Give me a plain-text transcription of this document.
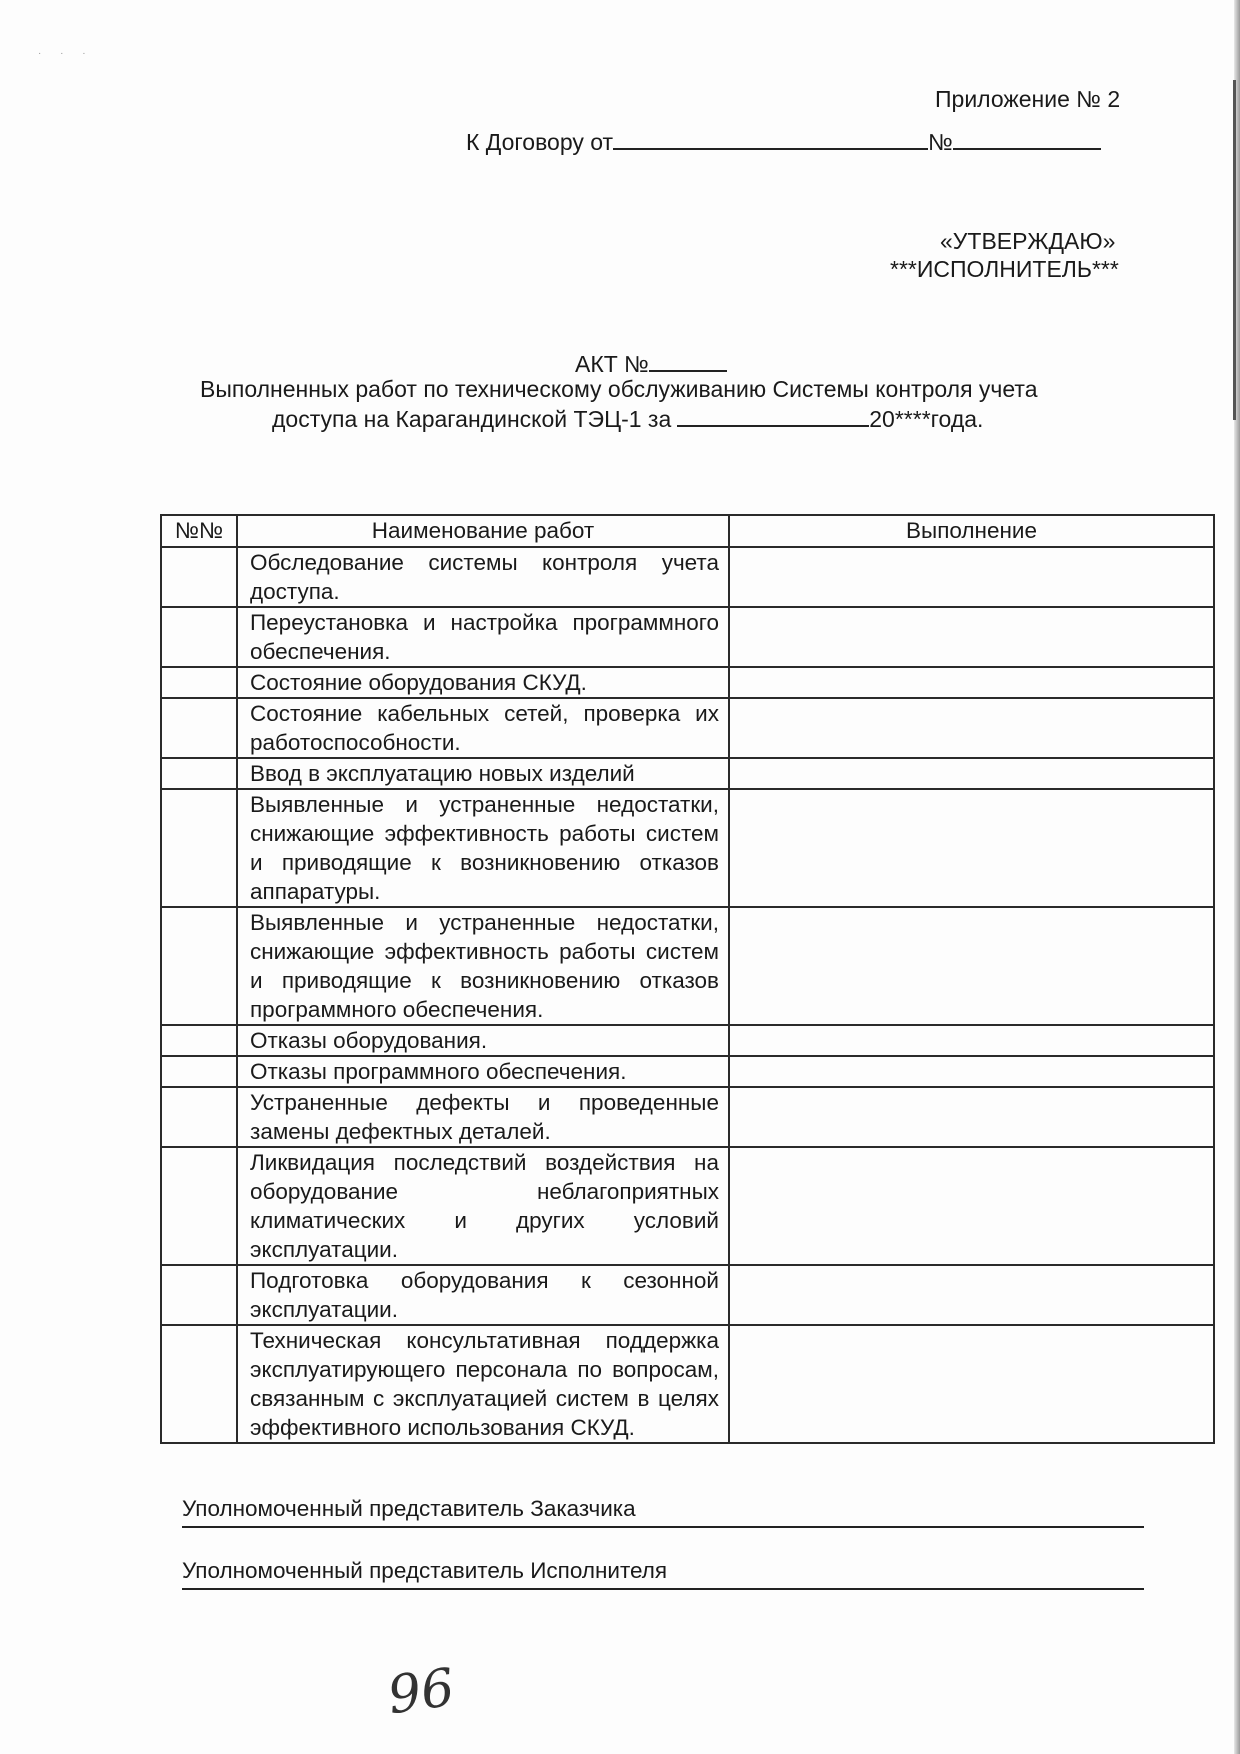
· · ·
Приложение № 2
К Договору от	№
«УТВЕРЖДАЮ»
***ИСПОЛНИТЕЛЬ***
АКТ №
Выполненных работ по техническому обслуживанию Системы контроля учета
доступа на Карагандинской ТЭЦ-1 за	20****года.
№№	Наименование работ	Выполнение
	Обследование системы контроля учета доступа.	
	Переустановка и настройка программного обеспечения.	
	Состояние оборудования СКУД.	
	Состояние кабельных сетей, проверка их работоспособности.	
	Ввод в эксплуатацию новых изделий	
	Выявленные и устраненные недостатки, снижающие эффективность работы систем и приводящие к возникновению отказов аппаратуры.	
	Выявленные и устраненные недостатки, снижающие эффективность работы систем и приводящие к возникновению отказов программного обеспечения.	
	Отказы оборудования.	
	Отказы программного обеспечения.	
	Устраненные дефекты и проведенные замены дефектных деталей.	
	Ликвидация последствий воздействия на оборудование неблагоприятных климатических и других условий эксплуатации.	
	Подготовка оборудования к сезонной эксплуатации.	
	Техническая консультативная поддержка эксплуатирующего персонала по вопросам, связанным с эксплуатацией систем в целях эффективного использования СКУД.	
Уполномоченный представитель Заказчика
Уполномоченный представитель Исполнителя
96
